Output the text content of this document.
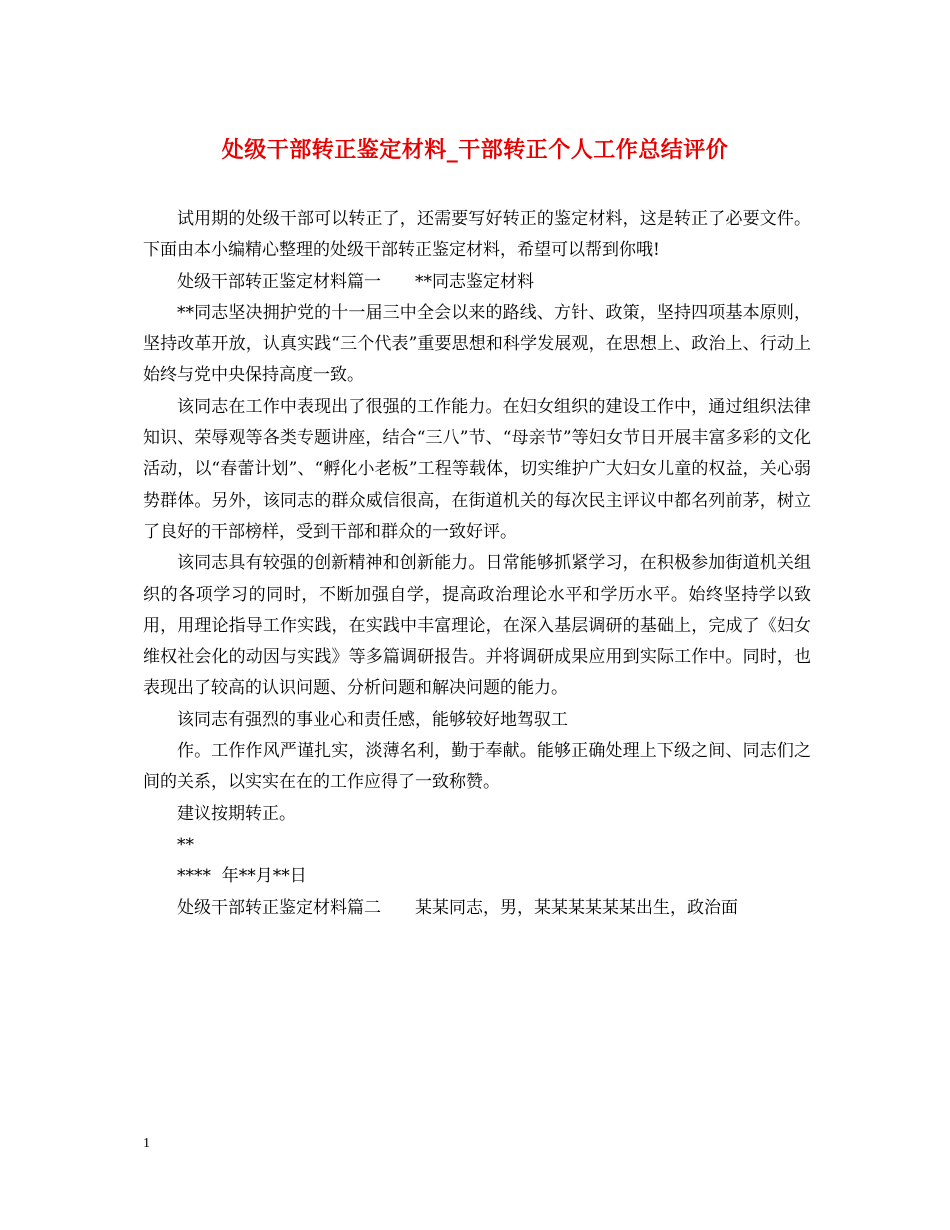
处级干部转正鉴定材料_干部转正个人工作总结评价

试用期的处级干部可以转正了，还需要写好转正的鉴定材料，这是转正了必要文件。下面由本小编精心整理的处级干部转正鉴定材料，希望可以帮到你哦!

处级干部转正鉴定材料篇一　　**同志鉴定材料

**同志坚决拥护党的十一届三中全会以来的路线、方针、政策，坚持四项基本原则，坚持改革开放，认真实践“三个代表”重要思想和科学发展观，在思想上、政治上、行动上始终与党中央保持高度一致。

该同志在工作中表现出了很强的工作能力。在妇女组织的建设工作中，通过组织法律知识、荣辱观等各类专题讲座，结合“三八”节、“母亲节”等妇女节日开展丰富多彩的文化活动，以“春蕾计划”、“孵化小老板”工程等载体，切实维护广大妇女儿童的权益，关心弱势群体。另外，该同志的群众威信很高，在街道机关的每次民主评议中都名列前茅，树立了良好的干部榜样，受到干部和群众的一致好评。

该同志具有较强的创新精神和创新能力。日常能够抓紧学习，在积极参加街道机关组织的各项学习的同时，不断加强自学，提高政治理论水平和学历水平。始终坚持学以致用，用理论指导工作实践，在实践中丰富理论，在深入基层调研的基础上，完成了《妇女维权社会化的动因与实践》等多篇调研报告。并将调研成果应用到实际工作中。同时，也表现出了较高的认识问题、分析问题和解决问题的能力。

该同志有强烈的事业心和责任感，能够较好地驾驭工

作。工作作风严谨扎实，淡薄名利，勤于奉献。能够正确处理上下级之间、同志们之间的关系，以实实在在的工作应得了一致称赞。

建议按期转正。

**

****  年**月**日

处级干部转正鉴定材料篇二　　某某同志，男，某某某某某某出生，政治面

1
